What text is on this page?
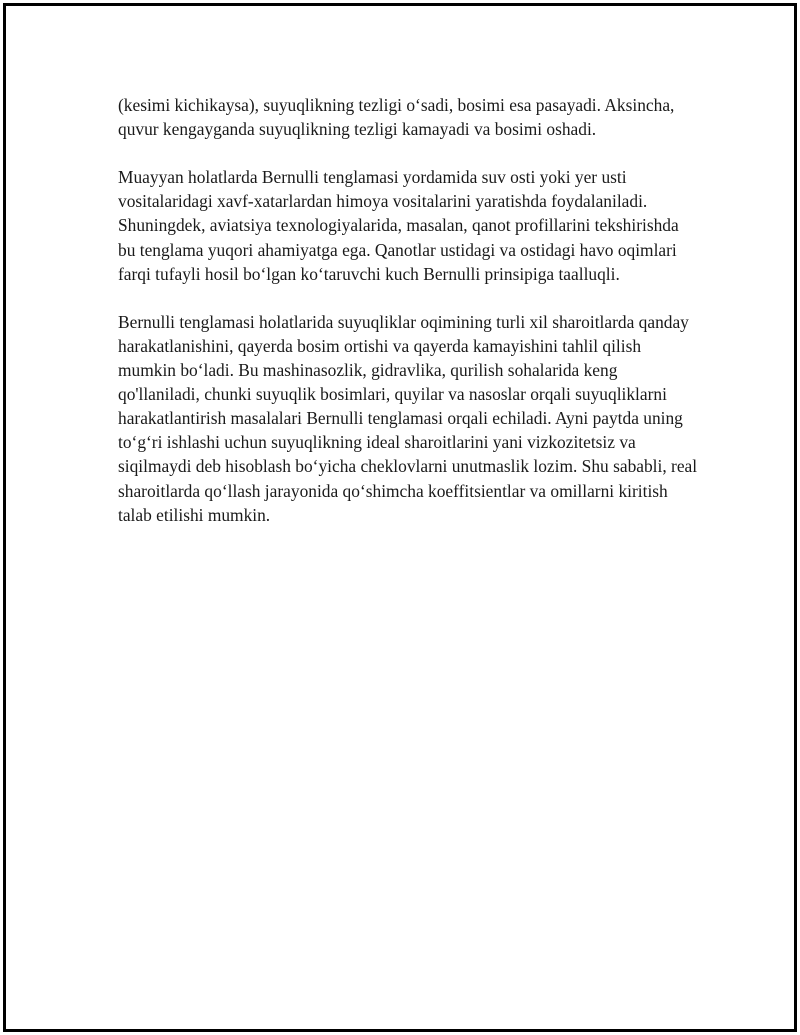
(kesimi kichikaysa), suyuqlikning tezligi o‘sadi, bosimi esa pasayadi. Aksincha, quvur kengayganda suyuqlikning tezligi kamayadi va bosimi oshadi.

Muayyan holatlarda Bernulli tenglamasi yordamida suv osti yoki yer usti vositalaridagi xavf-xatarlardan himoya vositalarini yaratishda foydalaniladi. Shuningdek, aviatsiya texnologiyalarida, masalan, qanot profillarini tekshirishda bu tenglama yuqori ahamiyatga ega. Qanotlar ustidagi va ostidagi havo oqimlari farqi tufayli hosil bo‘lgan ko‘taruvchi kuch Bernulli prinsipiga taalluqli.

Bernulli tenglamasi holatlarida suyuqliklar oqimining turli xil sharoitlarda qanday harakatlanishini, qayerda bosim ortishi va qayerda kamayishini tahlil qilish mumkin bo‘ladi. Bu mashinasozlik, gidravlika, qurilish sohalarida keng qo'llaniladi, chunki suyuqlik bosimlari, quyilar va nasoslar orqali suyuqliklarni harakatlantirish masalalari Bernulli tenglamasi orqali echiladi. Ayni paytda uning to‘g‘ri ishlashi uchun suyuqlikning ideal sharoitlarini yani vizkozitetsiz va siqilmaydi deb hisoblash bo‘yicha cheklovlarni unutmaslik lozim. Shu sababli, real sharoitlarda qo‘llash jarayonida qo‘shimcha koeffitsientlar va omillarni kiritish talab etilishi mumkin.
